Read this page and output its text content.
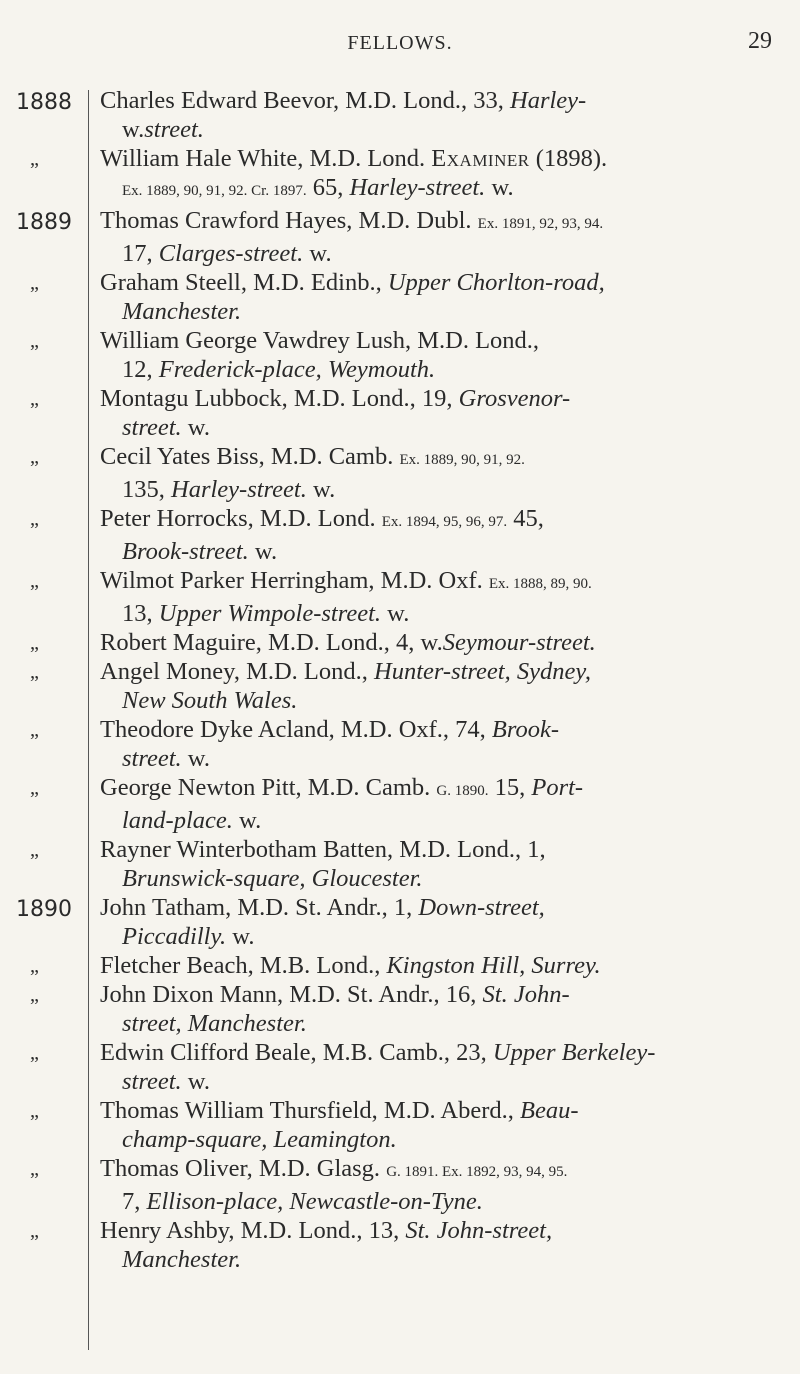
FELLOWS.	29
1888	Charles Edward Beevor, M.D. Lond., 33, Harley-
w.street.
„	William Hale White, M.D. Lond. Examiner (1898).
Ex. 1889, 90, 91, 92. Cr. 1897. 65, Harley-street. w.
1889	Thomas Crawford Hayes, M.D. Dubl. Ex. 1891, 92, 93, 94.
17, Clarges-street. w.
„	Graham Steell, M.D. Edinb., Upper Chorlton-road,
Manchester.
„	William George Vawdrey Lush, M.D. Lond.,
12, Frederick-place, Weymouth.
„	Montagu Lubbock, M.D. Lond., 19, Grosvenor-
street. w.
„	Cecil Yates Biss, M.D. Camb. Ex. 1889, 90, 91, 92.
135, Harley-street. w.
„	Peter Horrocks, M.D. Lond. Ex. 1894, 95, 96, 97. 45,
Brook-street. w.
„	Wilmot Parker Herringham, M.D. Oxf. Ex. 1888, 89, 90.
13, Upper Wimpole-street. w.
„	Robert Maguire, M.D. Lond., 4, w.Seymour-street.
„	Angel Money, M.D. Lond., Hunter-street, Sydney,
New South Wales.
„	Theodore Dyke Acland, M.D. Oxf., 74, Brook-
street. w.
„	George Newton Pitt, M.D. Camb. G. 1890. 15, Port-
land-place. w.
„	Rayner Winterbotham Batten, M.D. Lond., 1,
Brunswick-square, Gloucester.
1890	John Tatham, M.D. St. Andr., 1, Down-street,
Piccadilly. w.
„	Fletcher Beach, M.B. Lond., Kingston Hill, Surrey.
„	John Dixon Mann, M.D. St. Andr., 16, St. John-
street, Manchester.
„	Edwin Clifford Beale, M.B. Camb., 23, Upper Berkeley-
street. w.
„	Thomas William Thursfield, M.D. Aberd., Beau-
champ-square, Leamington.
„	Thomas Oliver, M.D. Glasg. G. 1891. Ex. 1892, 93, 94, 95.
7, Ellison-place, Newcastle-on-Tyne.
„	Henry Ashby, M.D. Lond., 13, St. John-street,
Manchester.
